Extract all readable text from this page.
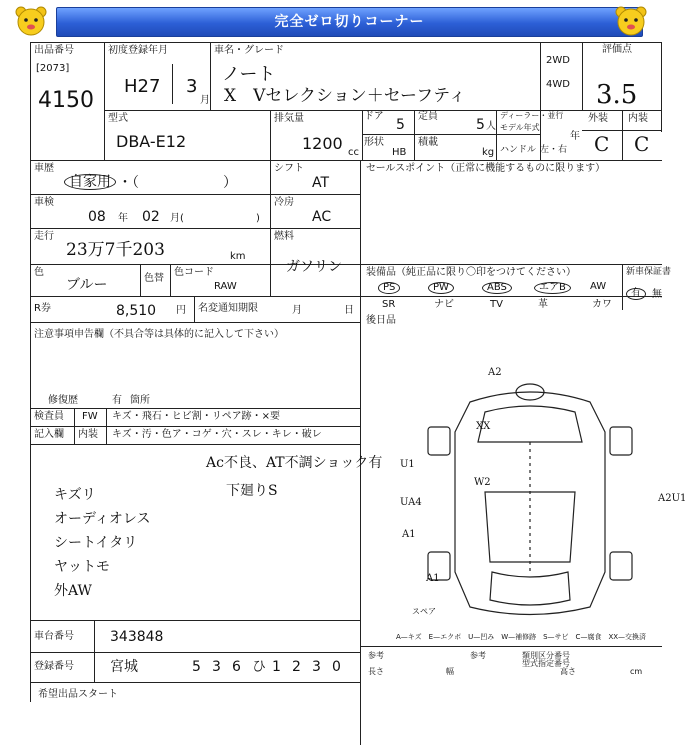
完全ゼロ切りコーナー
出品番号
[2073]
4150
初度登録年月
H27 3
月
車名・グレード
ノート
X　Vセレクション＋セーフティ
2WD
4WD
評価点
3.5
型式
DBA-E12
排気量
1200 cc
ドア
5
定員
5 人
形状
HB
積載
kg
ディーラー・並行
モデル年式
年
ハンドル 左・右
外装 内装
C C
車歴
自家用 ・（　　　　　　）
シフト
AT
車検
08 年 02 月(	)
冷房
AC
走行
23万7千203	km
燃料
ガソリン
色
ブルー	色替
色コード
RAW
R券	8,510 円 名変通知期限	月	日
注意事項申告欄（不具合等は具体的に記入して下さい）
修復歴	有 箇所
検査員 FW キズ・飛石・ヒビ割・リペア跡・×要
記入欄 内装 キズ・汚・色ア・コゲ・穴・スレ・キレ・破レ
Ac不良、AT不調ショック有
下廻りS
キズリ
オーディオレス
シートイタリ
ヤットモ
外AW
車台番号	343848
登録番号	宮城	5 3 6 ひ 1 2 3 0
希望出品スタート
セールスポイント（正常に機能するものに限ります）
装備品（純正品に限り〇印をつけてください）
PS	PW	ABS	エアB	AW
SR	ナビ	TV	革	カワ
新車保証書
有	無
後日品
A2
XX
U1
W2
UA4
A1
A1
A2U1
スペア
A—キズ　E—エクボ　U—凹み　W—補修跡　S—サビ　C—腐食　XX—交換済
参考
長さ	幅
類別区分番号
高さ	cm
型式指定番号
参考
